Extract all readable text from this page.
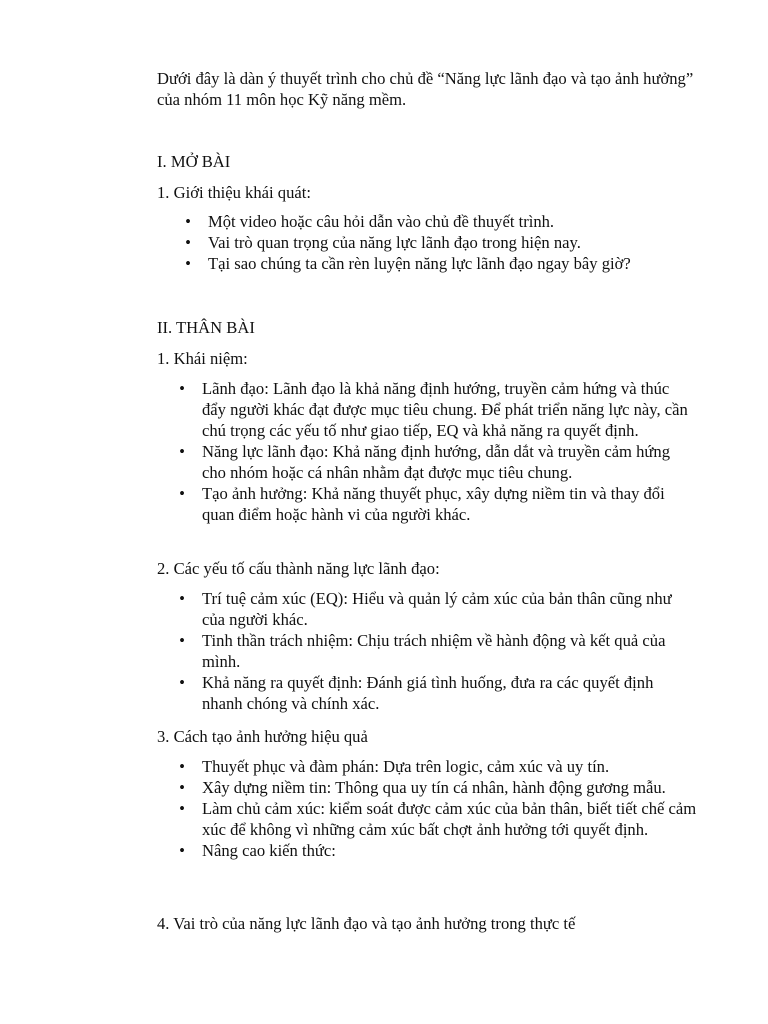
Dưới đây là dàn ý thuyết trình cho chủ đề “Năng lực lãnh đạo và tạo ảnh hưởng” của nhóm 11 môn học Kỹ năng mềm.

I. MỞ BÀI

1. Giới thiệu khái quát:

• Một video hoặc câu hỏi dẫn vào chủ đề thuyết trình.
• Vai trò quan trọng của năng lực lãnh đạo trong hiện nay.
• Tại sao chúng ta cần rèn luyện năng lực lãnh đạo ngay bây giờ?

II. THÂN BÀI

1. Khái niệm:

• Lãnh đạo: Lãnh đạo là khả năng định hướng, truyền cảm hứng và thúc đẩy người khác đạt được mục tiêu chung. Để phát triển năng lực này, cần chú trọng các yếu tố như giao tiếp, EQ và khả năng ra quyết định.
• Năng lực lãnh đạo: Khả năng định hướng, dẫn dắt và truyền cảm hứng cho nhóm hoặc cá nhân nhằm đạt được mục tiêu chung.
• Tạo ảnh hưởng: Khả năng thuyết phục, xây dựng niềm tin và thay đổi quan điểm hoặc hành vi của người khác.

2. Các yếu tố cấu thành năng lực lãnh đạo:

• Trí tuệ cảm xúc (EQ): Hiểu và quản lý cảm xúc của bản thân cũng như của người khác.
• Tinh thần trách nhiệm: Chịu trách nhiệm về hành động và kết quả của mình.
• Khả năng ra quyết định: Đánh giá tình huống, đưa ra các quyết định nhanh chóng và chính xác.

3. Cách tạo ảnh hưởng hiệu quả

• Thuyết phục và đàm phán: Dựa trên logic, cảm xúc và uy tín.
• Xây dựng niềm tin: Thông qua uy tín cá nhân, hành động gương mẫu.
• Làm chủ cảm xúc: kiểm soát được cảm xúc của bản thân, biết tiết chế cảm xúc để không vì những cảm xúc bất chợt ảnh hưởng tới quyết định.
• Nâng cao kiến thức:

4. Vai trò của năng lực lãnh đạo và tạo ảnh hưởng trong thực tế
